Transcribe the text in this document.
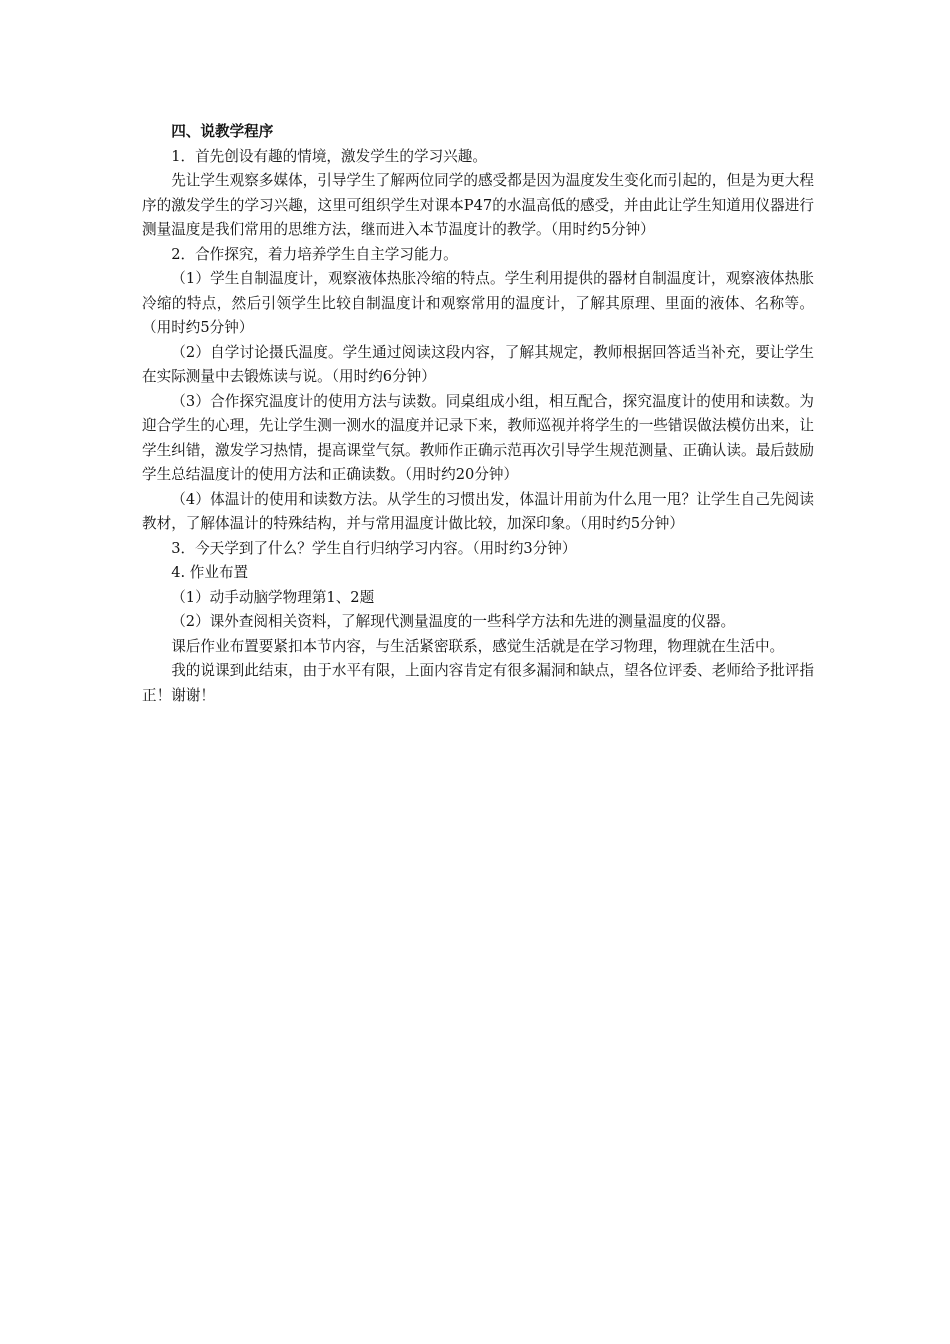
四、说教学程序

1．首先创设有趣的情境，激发学生的学习兴趣。

先让学生观察多媒体，引导学生了解两位同学的感受都是因为温度发生变化而引起的，但是为更大程序的激发学生的学习兴趣，这里可组织学生对课本P47的水温高低的感受，并由此让学生知道用仪器进行测量温度是我们常用的思维方法，继而进入本节温度计的教学。（用时约5分钟）

2．合作探究，着力培养学生自主学习能力。

（1）学生自制温度计，观察液体热胀冷缩的特点。学生利用提供的器材自制温度计，观察液体热胀冷缩的特点，然后引领学生比较自制温度计和观察常用的温度计，了解其原理、里面的液体、名称等。（用时约5分钟）

（2）自学讨论摄氏温度。学生通过阅读这段内容，了解其规定，教师根据回答适当补充，要让学生在实际测量中去锻炼读与说。（用时约6分钟）

（3）合作探究温度计的使用方法与读数。同桌组成小组，相互配合，探究温度计的使用和读数。为迎合学生的心理，先让学生测一测水的温度并记录下来，教师巡视并将学生的一些错误做法模仿出来，让学生纠错，激发学习热情，提高课堂气氛。教师作正确示范再次引导学生规范测量、正确认读。最后鼓励学生总结温度计的使用方法和正确读数。（用时约20分钟）

（4）体温计的使用和读数方法。从学生的习惯出发，体温计用前为什么甩一甩？让学生自己先阅读教材，了解体温计的特殊结构，并与常用温度计做比较，加深印象。（用时约5分钟）

3．今天学到了什么？学生自行归纳学习内容。（用时约3分钟）

4. 作业布置

（1）动手动脑学物理第1、2题

（2）课外查阅相关资料，了解现代测量温度的一些科学方法和先进的测量温度的仪器。

课后作业布置要紧扣本节内容，与生活紧密联系，感觉生活就是在学习物理，物理就在生活中。

我的说课到此结束，由于水平有限，上面内容肯定有很多漏洞和缺点，望各位评委、老师给予批评指正！谢谢！
